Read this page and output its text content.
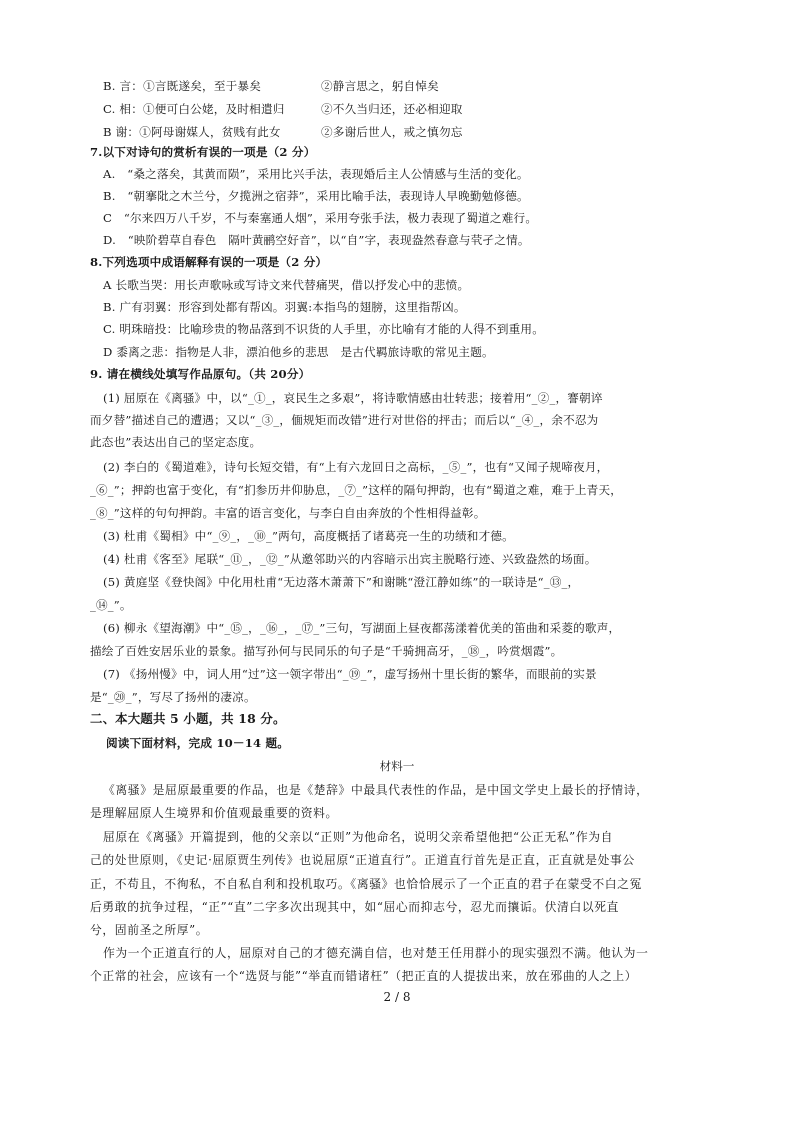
B. 言：①言既遂矣，至于暴矣	②静言思之，躬自悼矣
C. 相：①便可白公姥，及时相遣归	②不久当归还，还必相迎取
B 谢：①阿母谢媒人，贫贱有此女	②多谢后世人，戒之慎勿忘
7.以下对诗句的赏析有误的一项是（2 分）
A.　“桑之落矣，其黄而陨”，采用比兴手法，表现婚后主人公情感与生活的变化。
B.　“朝搴阰之木兰兮，夕揽洲之宿莽”，采用比喻手法，表现诗人早晚勤勉修德。
C　“尔来四万八千岁，不与秦塞通人烟”，采用夸张手法，极力表现了蜀道之难行。
D.　“映阶碧草自春色　隔叶黄鹂空好音”，以“自”字，表现盎然春意与茕孑之情。
8.下列选项中成语解释有误的一项是（2 分）
A 长歌当哭：用长声歌咏或写诗文来代替痛哭，借以抒发心中的悲愤。
B. 广有羽翼：形容到处都有帮凶。羽翼:本指鸟的翅膀，这里指帮凶。
C. 明珠暗投：比喻珍贵的物品落到不识货的人手里，亦比喻有才能的人得不到重用。
D 黍离之悲：指物是人非，漂泊他乡的悲思　是古代羁旅诗歌的常见主题。
9. 请在横线处填写作品原句。（共 20分）
(1) 屈原在《离骚》中，以“_①_，哀民生之多艰”，将诗歌情感由壮转悲；接着用“_②_，謇朝谇
而夕替”描述自己的遭遇；又以“_③_，偭规矩而改错”进行对世俗的抨击；而后以“_④_，余不忍为
此态也”表达出自己的坚定态度。
(2) 李白的《蜀道难》，诗句长短交错，有“上有六龙回日之高标，_⑤_”，也有“又闻子规啼夜月，
_⑥_”；押韵也富于变化，有“扪参历井仰胁息，_⑦_”这样的隔句押韵，也有“蜀道之难，难于上青天，
_⑧_”这样的句句押韵。丰富的语言变化，与李白自由奔放的个性相得益彰。
(3) 杜甫《蜀相》中“_⑨_，_⑩_”两句，高度概括了诸葛亮一生的功绩和才德。
(4) 杜甫《客至》尾联“_⑪_，_⑫_”从邀邻助兴的内容暗示出宾主脱略行迹、兴致盎然的场面。
(5) 黄庭坚《登快阁》中化用杜甫“无边落木萧萧下”和谢眺“澄江静如练”的一联诗是“_⑬_，
_⑭_”。
(6) 柳永《望海潮》中“_⑮_，_⑯_，_⑰_”三句，写湖面上昼夜都荡漾着优美的笛曲和采菱的歌声，
描绘了百姓安居乐业的景象。描写孙何与民同乐的句子是“千骑拥高牙，_⑱_，吟赏烟霞”。
(7) 《扬州慢》中，词人用“过”这一领字带出“_⑲_”，虚写扬州十里长街的繁华，而眼前的实景
是“_⑳_”，写尽了扬州的凄凉。
二、本大题共 5 小题，共 18 分。
阅读下面材料，完成 10－14 题。
材料一
《离骚》是屈原最重要的作品，也是《楚辞》中最具代表性的作品，是中国文学史上最长的抒情诗，
是理解屈原人生境界和价值观最重要的资料。
屈原在《离骚》开篇提到，他的父亲以“正则”为他命名，说明父亲希望他把“公正无私”作为自
己的处世原则，《史记·屈原贾生列传》也说屈原“正道直行”。正道直行首先是正直，正直就是处事公
正，不苟且，不徇私，不自私自利和投机取巧。《离骚》也恰恰展示了一个正直的君子在蒙受不白之冤
后勇敢的抗争过程，“正”“直”二字多次出现其中，如“屈心而抑志兮，忍尤而攘诟。伏清白以死直
兮，固前圣之所厚”。
作为一个正道直行的人，屈原对自己的才德充满自信，也对楚王任用群小的现实强烈不满。他认为一
个正常的社会，应该有一个“选贤与能”“举直而错诸枉”（把正直的人提拔出来，放在邪曲的人之上）
2 / 8
